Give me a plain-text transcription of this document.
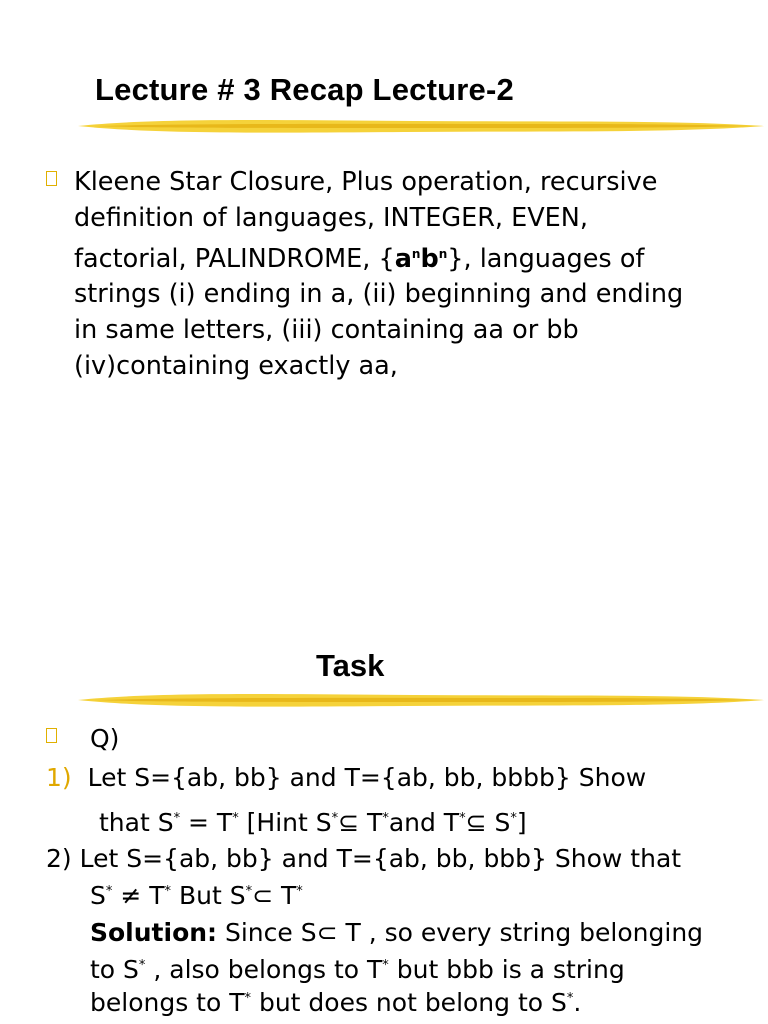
Lecture # 3 Recap Lecture-2

Kleene Star Closure, Plus operation, recursive
definition of languages, INTEGER, EVEN,
factorial, PALINDROME, $\{a^nb^n\}$, languages of
strings (i) ending in a, (ii) beginning and ending
in same letters, (iii) containing aa or bb
(iv)containing exactly aa,

Task

Q)

1) Let S={ab, bb} and T={ab, bb, bbbb} Show

that S* = T* [Hint S*⊆ T*and T*⊆ S*]

2) Let S={ab, bb} and T={ab, bb, bbb} Show that

S* ≠ T* But S*⊂ T*

Solution: Since S⊂ T , so every string belonging

to S* , also belongs to T* but bbb is a string

belongs to T* but does not belong to S*.
